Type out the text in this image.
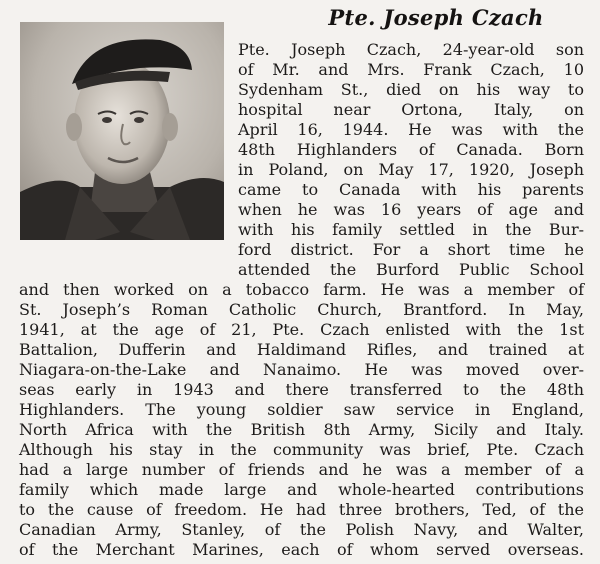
Pte. Joseph Czach
Pte. Joseph Czach, 24-year-old son
of Mr. and Mrs. Frank Czach, 10
Sydenham St., died on his way to
hospital near Ortona, Italy, on
April 16, 1944. He was with the
48th Highlanders of Canada. Born
in Poland, on May 17, 1920, Joseph
came to Canada with his parents
when he was 16 years of age and
with his family settled in the Bur-
ford district. For a short time he
attended the Burford Public School
and then worked on a tobacco farm. He was a member of
St. Joseph’s Roman Catholic Church, Brantford. In May,
1941, at the age of 21, Pte. Czach enlisted with the 1st
Battalion, Dufferin and Haldimand Rifles, and trained at
Niagara-on-the-Lake and Nanaimo. He was moved over-
seas early in 1943 and there transferred to the 48th
Highlanders. The young soldier saw service in England,
North Africa with the British 8th Army, Sicily and Italy.
Although his stay in the community was brief, Pte. Czach
had a large number of friends and he was a member of a
family which made large and whole-hearted contributions
to the cause of freedom. He had three brothers, Ted, of the
Canadian Army, Stanley, of the Polish Navy, and Walter,
of the Merchant Marines, each of whom served overseas.
